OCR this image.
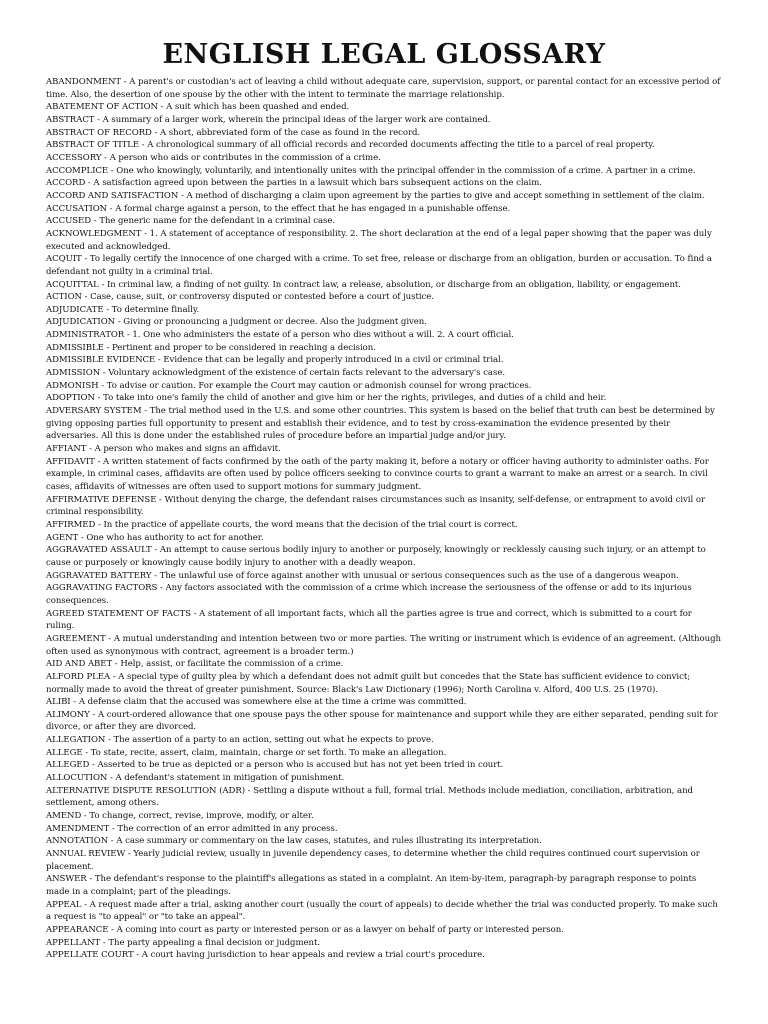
ENGLISH LEGAL GLOSSARY

ABANDONMENT - A parent's or custodian's act of leaving a child without adequate care, supervision, support, or parental contact for an excessive period of time. Also, the desertion of one spouse by the other with the intent to terminate the marriage relationship.

ABATEMENT OF ACTION - A suit which has been quashed and ended.

ABSTRACT - A summary of a larger work, wherein the principal ideas of the larger work are contained.

ABSTRACT OF RECORD - A short, abbreviated form of the case as found in the record.

ABSTRACT OF TITLE - A chronological summary of all official records and recorded documents affecting the title to a parcel of real property.

ACCESSORY - A person who aids or contributes in the commission of a crime.

ACCOMPLICE - One who knowingly, voluntarily, and intentionally unites with the principal offender in the commission of a crime. A partner in a crime.

ACCORD - A satisfaction agreed upon between the parties in a lawsuit which bars subsequent actions on the claim.

ACCORD AND SATISFACTION - A method of discharging a claim upon agreement by the parties to give and accept something in settlement of the claim.

ACCUSATION - A formal charge against a person, to the effect that he has engaged in a punishable offense.

ACCUSED - The generic name for the defendant in a criminal case.

ACKNOWLEDGMENT - 1. A statement of acceptance of responsibility. 2. The short declaration at the end of a legal paper showing that the paper was duly executed and acknowledged.

ACQUIT - To legally certify the innocence of one charged with a crime. To set free, release or discharge from an obligation, burden or accusation. To find a defendant not guilty in a criminal trial.

ACQUITTAL - In criminal law, a finding of not guilty. In contract law, a release, absolution, or discharge from an obligation, liability, or engagement.

ACTION - Case, cause, suit, or controversy disputed or contested before a court of justice.

ADJUDICATE - To determine finally.

ADJUDICATION - Giving or pronouncing a judgment or decree. Also the judgment given.

ADMINISTRATOR - 1. One who administers the estate of a person who dies without a will. 2. A court official.

ADMISSIBLE - Pertinent and proper to be considered in reaching a decision.

ADMISSIBLE EVIDENCE - Evidence that can be legally and properly introduced in a civil or criminal trial.

ADMISSION - Voluntary acknowledgment of the existence of certain facts relevant to the adversary's case.

ADMONISH - To advise or caution. For example the Court may caution or admonish counsel for wrong practices.

ADOPTION - To take into one's family the child of another and give him or her the rights, privileges, and duties of a child and heir.

ADVERSARY SYSTEM - The trial method used in the U.S. and some other countries. This system is based on the belief that truth can best be determined by giving opposing parties full opportunity to present and establish their evidence, and to test by cross-examination the evidence presented by their adversaries. All this is done under the established rules of procedure before an impartial judge and/or jury.

AFFIANT - A person who makes and signs an affidavit.

AFFIDAVIT - A written statement of facts confirmed by the oath of the party making it, before a notary or officer having authority to administer oaths. For example, in criminal cases, affidavits are often used by police officers seeking to convince courts to grant a warrant to make an arrest or a search. In civil cases, affidavits of witnesses are often used to support motions for summary judgment.

AFFIRMATIVE DEFENSE - Without denying the charge, the defendant raises circumstances such as insanity, self-defense, or entrapment to avoid civil or criminal responsibility.

AFFIRMED - In the practice of appellate courts, the word means that the decision of the trial court is correct.

AGENT - One who has authority to act for another.

AGGRAVATED ASSAULT - An attempt to cause serious bodily injury to another or purposely, knowingly or recklessly causing such injury, or an attempt to cause or purposely or knowingly cause bodily injury to another with a deadly weapon.

AGGRAVATED BATTERY - The unlawful use of force against another with unusual or serious consequences such as the use of a dangerous weapon.

AGGRAVATING FACTORS - Any factors associated with the commission of a crime which increase the seriousness of the offense or add to its injurious consequences.

AGREED STATEMENT OF FACTS - A statement of all important facts, which all the parties agree is true and correct, which is submitted to a court for ruling.

AGREEMENT - A mutual understanding and intention between two or more parties. The writing or instrument which is evidence of an agreement. (Although often used as synonymous with contract, agreement is a broader term.)

AID AND ABET - Help, assist, or facilitate the commission of a crime.

ALFORD PLEA - A special type of guilty plea by which a defendant does not admit guilt but concedes that the State has sufficient evidence to convict; normally made to avoid the threat of greater punishment. Source: Black's Law Dictionary (1996); North Carolina v. Alford, 400 U.S. 25 (1970).

ALIBI - A defense claim that the accused was somewhere else at the time a crime was committed.

ALIMONY - A court-ordered allowance that one spouse pays the other spouse for maintenance and support while they are either separated, pending suit for divorce, or after they are divorced.

ALLEGATION - The assertion of a party to an action, setting out what he expects to prove.

ALLEGE - To state, recite, assert, claim, maintain, charge or set forth. To make an allegation.

ALLEGED - Asserted to be true as depicted or a person who is accused but has not yet been tried in court.

ALLOCUTION - A defendant's statement in mitigation of punishment.

ALTERNATIVE DISPUTE RESOLUTION (ADR) - Settling a dispute without a full, formal trial. Methods include mediation, conciliation, arbitration, and settlement, among others.

AMEND - To change, correct, revise, improve, modify, or alter.

AMENDMENT - The correction of an error admitted in any process.

ANNOTATION - A case summary or commentary on the law cases, statutes, and rules illustrating its interpretation.

ANNUAL REVIEW - Yearly judicial review, usually in juvenile dependency cases, to determine whether the child requires continued court supervision or placement.

ANSWER - The defendant's response to the plaintiff's allegations as stated in a complaint. An item-by-item, paragraph-by paragraph response to points made in a complaint; part of the pleadings.

APPEAL - A request made after a trial, asking another court (usually the court of appeals) to decide whether the trial was conducted properly. To make such a request is "to appeal" or "to take an appeal".

APPEARANCE - A coming into court as party or interested person or as a lawyer on behalf of party or interested person.

APPELLANT - The party appealing a final decision or judgment.

APPELLATE COURT - A court having jurisdiction to hear appeals and review a trial court's procedure.
